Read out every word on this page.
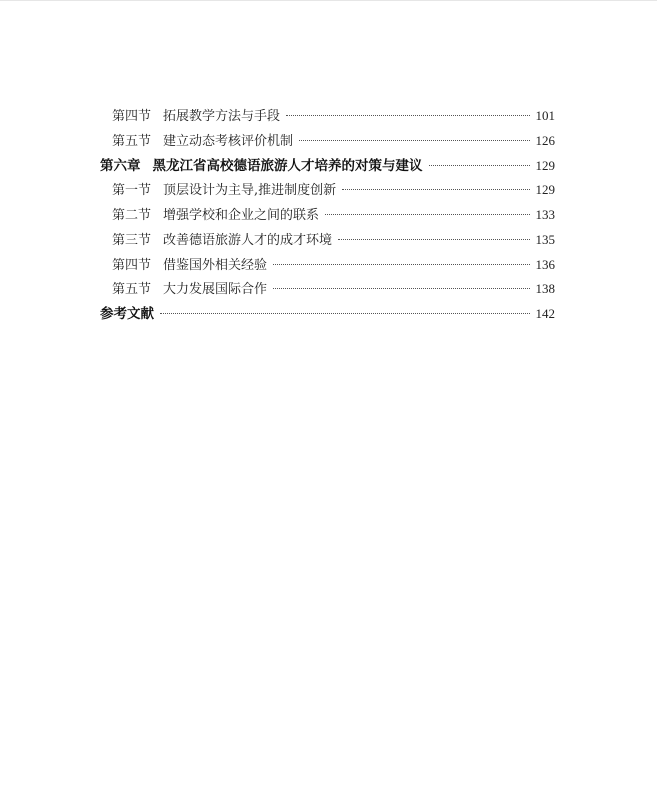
第四节 拓展教学方法与手段	101
第五节 建立动态考核评价机制	126
第六章 黑龙江省高校德语旅游人才培养的对策与建议	129
第一节 顶层设计为主导,推进制度创新	129
第二节 增强学校和企业之间的联系	133
第三节 改善德语旅游人才的成才环境	135
第四节 借鉴国外相关经验	136
第五节 大力发展国际合作	138
参考文献	142
